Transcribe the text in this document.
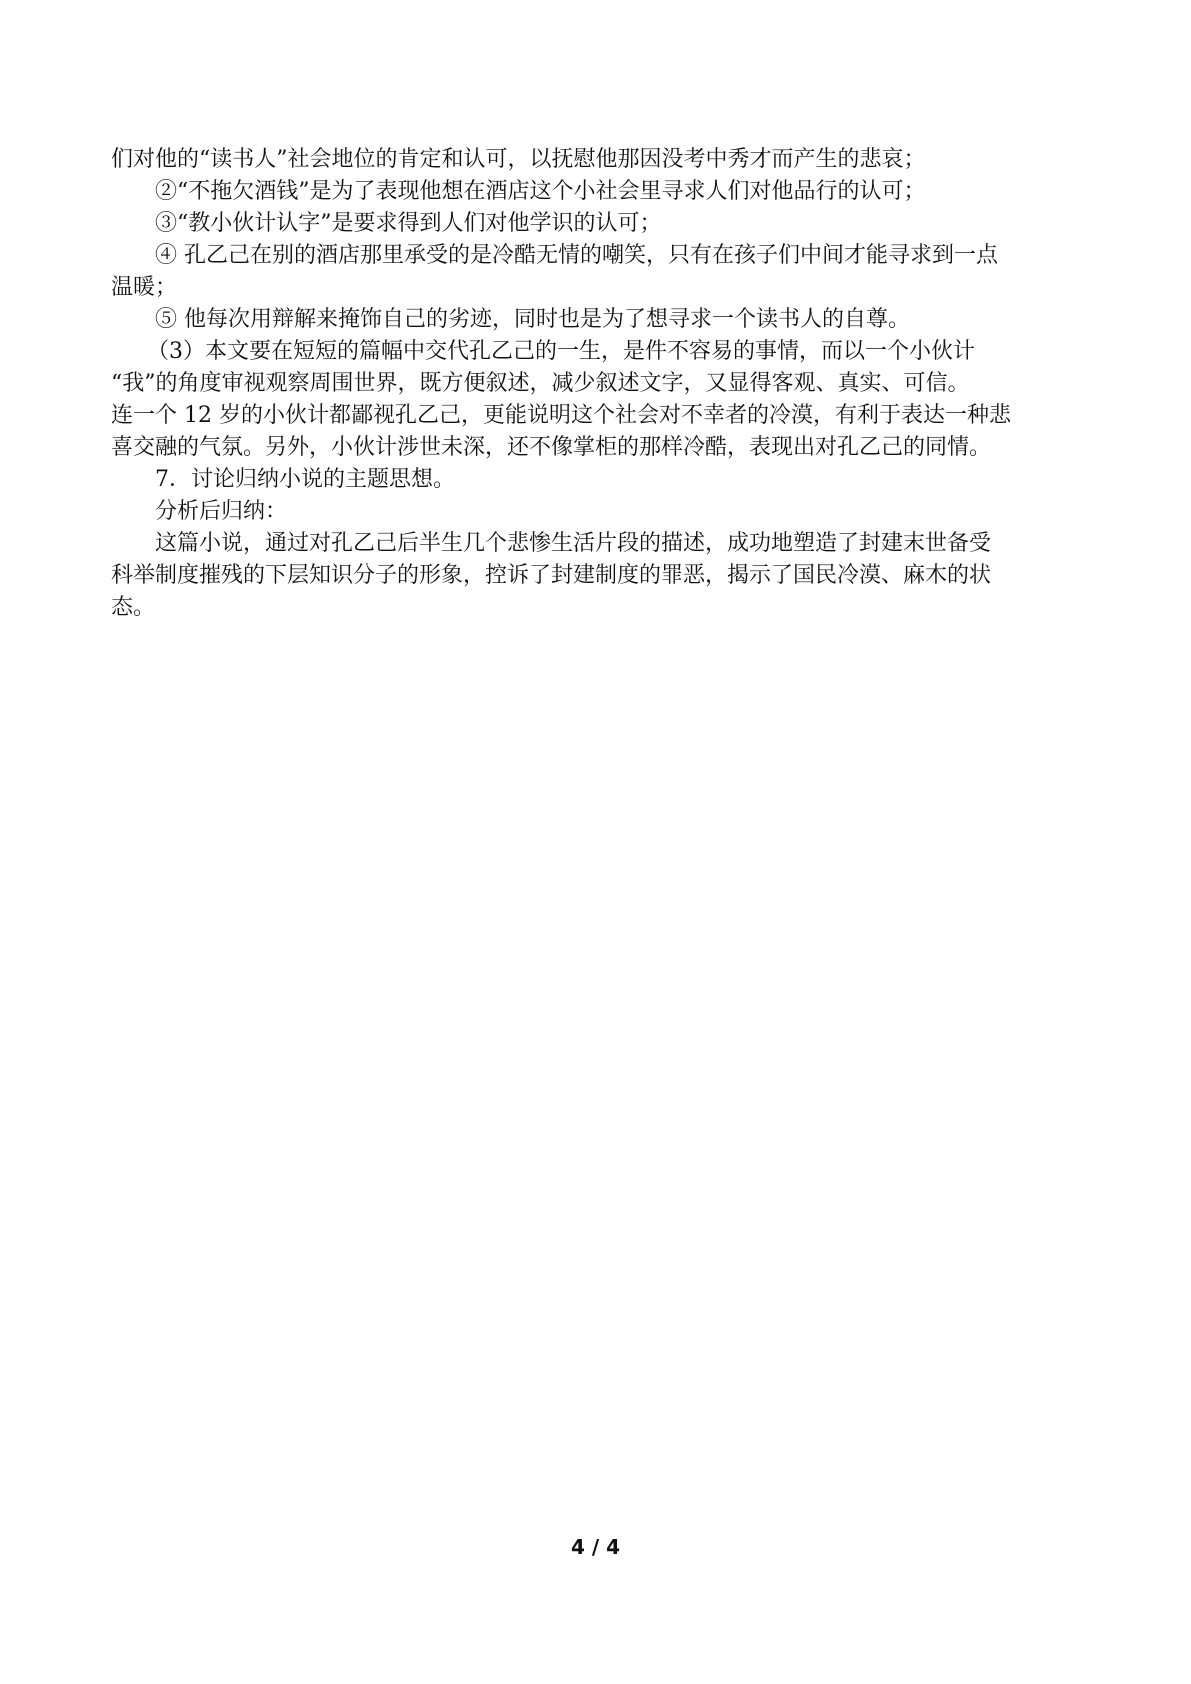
们对他的“读书人”社会地位的肯定和认可，以抚慰他那因没考中秀才而产生的悲哀；
②“不拖欠酒钱”是为了表现他想在酒店这个小社会里寻求人们对他品行的认可；
③“教小伙计认字”是要求得到人们对他学识的认可；
④ 孔乙己在别的酒店那里承受的是冷酷无情的嘲笑，只有在孩子们中间才能寻求到一点
温暖；
⑤ 他每次用辩解来掩饰自己的劣迹，同时也是为了想寻求一个读书人的自尊。
（3）本文要在短短的篇幅中交代孔乙己的一生，是件不容易的事情，而以一个小伙计
“我”的角度审视观察周围世界，既方便叙述，减少叙述文字，又显得客观、真实、可信。
连一个 12 岁的小伙计都鄙视孔乙己，更能说明这个社会对不幸者的冷漠，有利于表达一种悲
喜交融的气氛。另外，小伙计涉世未深，还不像掌柜的那样冷酷，表现出对孔乙己的同情。
7．讨论归纳小说的主题思想。
分析后归纳：
这篇小说，通过对孔乙己后半生几个悲惨生活片段的描述，成功地塑造了封建末世备受
科举制度摧残的下层知识分子的形象，控诉了封建制度的罪恶，揭示了国民冷漠、麻木的状
态。
4 / 4
